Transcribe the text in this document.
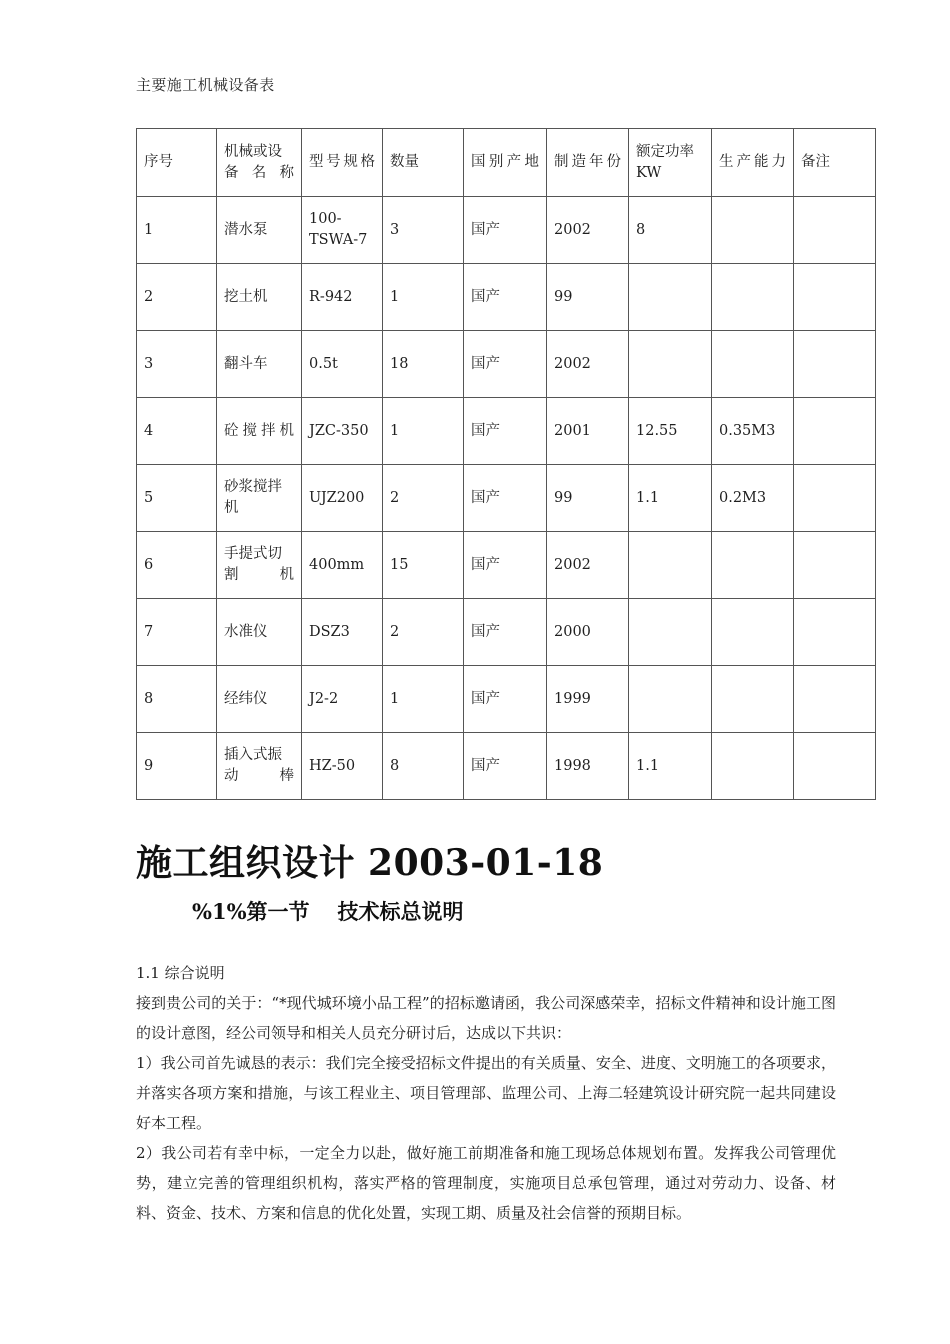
主要施工机械设备表
序号	机械或设备名称	型号规格	数量	国别产地	制造年份	额定功率KW	生产能力	备注
1	潜水泵	100-TSWA-7	3	国产	2002	8		
2	挖土机	R-942	1	国产	99			
3	翻斗车	0.5t	18	国产	2002			
4	砼搅拌机	JZC-350	1	国产	2001	12.55	0.35M3	
5	砂浆搅拌机	UJZ200	2	国产	99	1.1	0.2M3	
6	手提式切割机	400mm	15	国产	2002			
7	水准仪	DSZ3	2	国产	2000			
8	经纬仪	J2-2	1	国产	1999			
9	插入式振动棒	HZ-50	8	国产	1998	1.1		
施工组织设计 2003-01-18
%1%第一节 技术标总说明

1.1 综合说明

接到贵公司的关于：“*现代城环境小品工程”的招标邀请函，我公司深感荣幸，招标文件精神和设计施工图的设计意图，经公司领导和相关人员充分研讨后，达成以下共识：

1）我公司首先诚恳的表示：我们完全接受招标文件提出的有关质量、安全、进度、文明施工的各项要求，并落实各项方案和措施，与该工程业主、项目管理部、监理公司、上海二轻建筑设计研究院一起共同建设好本工程。

2）我公司若有幸中标，一定全力以赴，做好施工前期准备和施工现场总体规划布置。发挥我公司管理优势，建立完善的管理组织机构，落实严格的管理制度，实施项目总承包管理，通过对劳动力、设备、材料、资金、技术、方案和信息的优化处置，实现工期、质量及社会信誉的预期目标。
